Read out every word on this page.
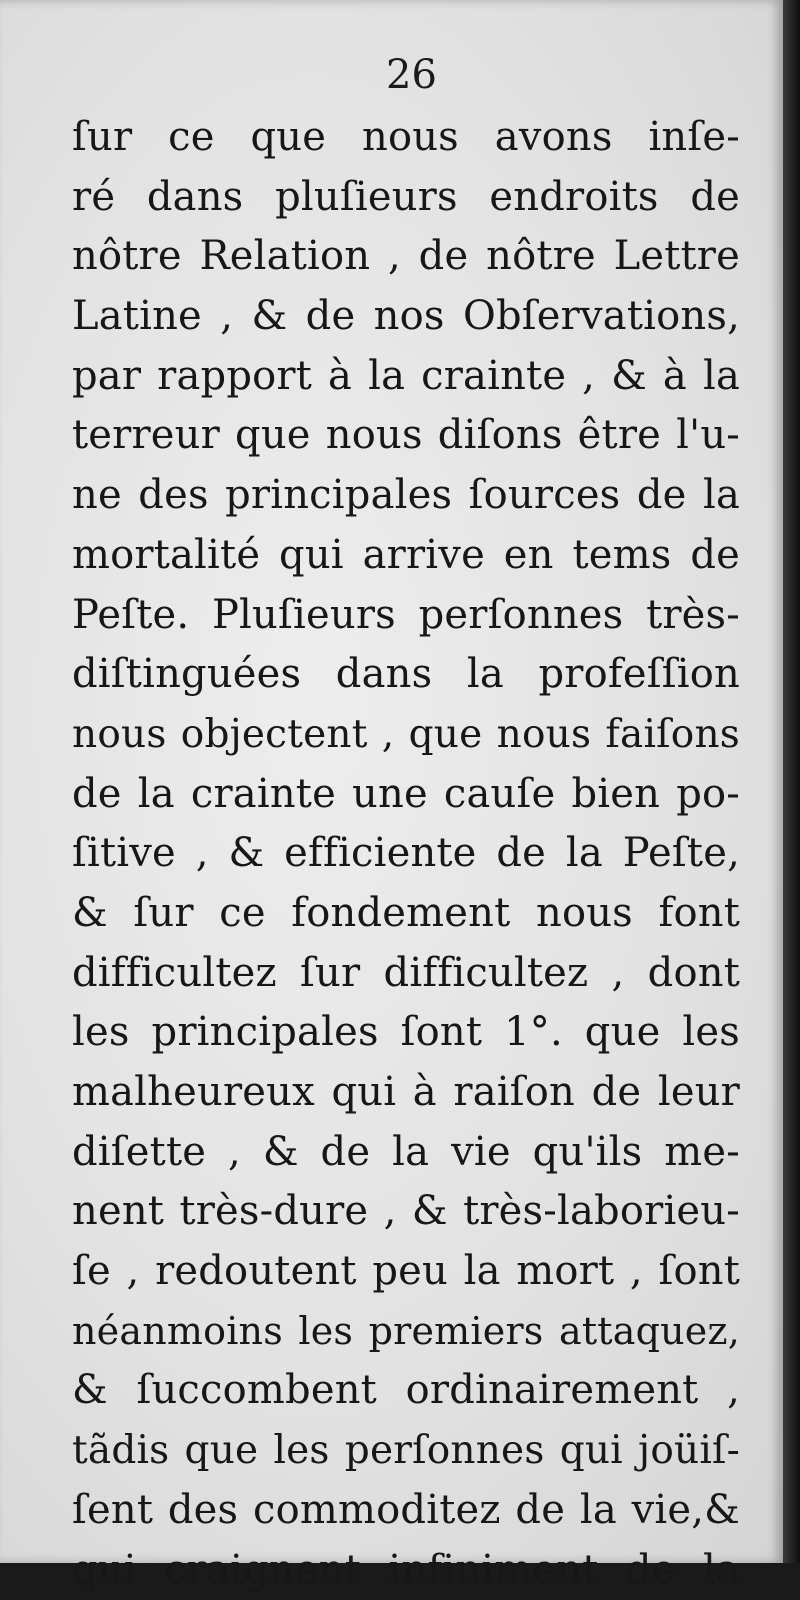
26
ſur ce que nous avons inſe-
ré dans pluſieurs endroits de
nôtre Relation , de nôtre Lettre
Latine , & de nos Obſervations,
par rapport à la crainte , & à la
terreur que nous diſons être l'u-
ne des principales ſources de la
mortalité qui arrive en tems de
Peſte. Pluſieurs perſonnes très-
diſtinguées dans la profeſſion
nous objectent , que nous faiſons
de la crainte une cauſe bien po-
ſitive , & efficiente de la Peſte,
& ſur ce fondement nous font
difficultez ſur difficultez , dont
les principales ſont 1°. que les
malheureux qui à raiſon de leur
diſette , & de la vie qu'ils me-
nent très-dure , & très-laborieu-
ſe , redoutent peu la mort , ſont
néanmoins les premiers attaquez,
& ſuccombent ordinairement ,
tãdis que les perſonnes qui joüiſ-
ſent des commoditez de la vie,&
qui craignent infiniment de la
